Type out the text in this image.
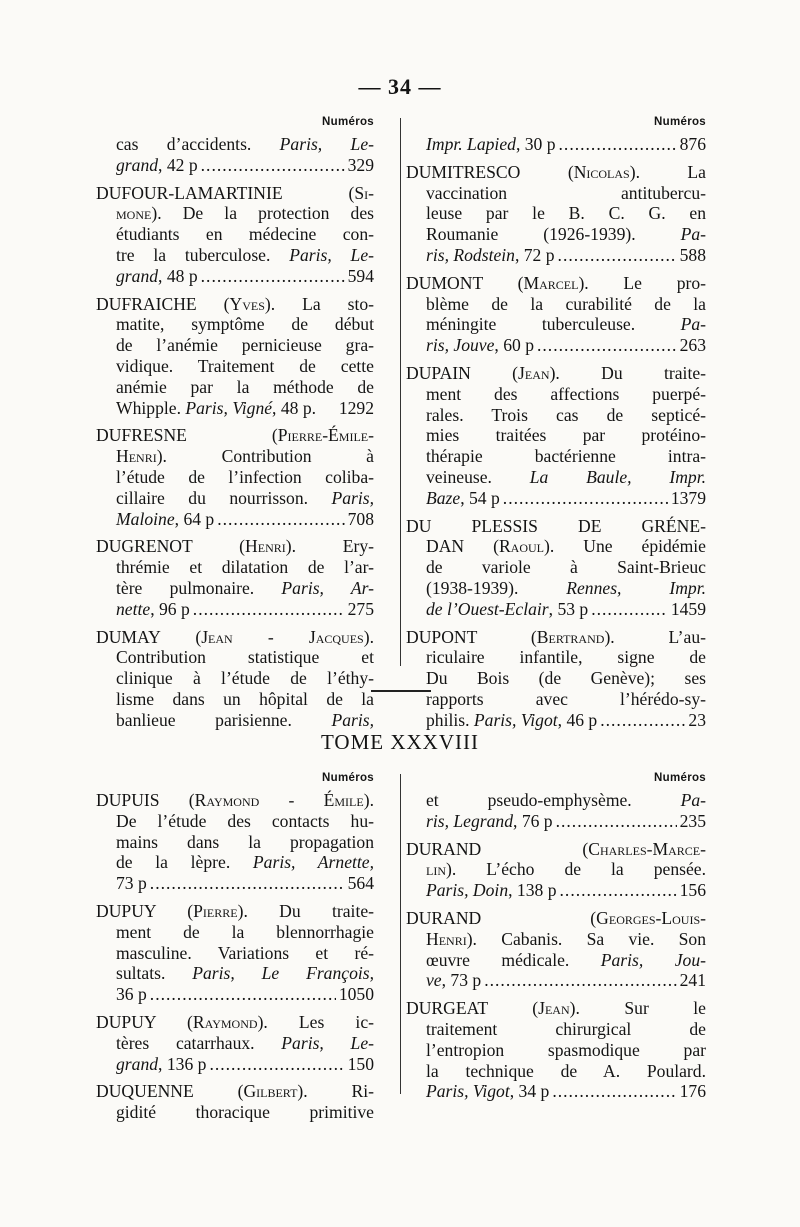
— 34 —
Numéros
cas d’accidents. Paris, Le-
grand, 42 p .....	329
DUFOUR-LAMARTINIE (Si-
mone). De la protection des
étudiants en médecine con-
tre la tuberculose. Paris, Le-
grand, 48 p .....	594
DUFRAICHE (Yves). La sto-
matite, symptôme de début
de l’anémie pernicieuse gra-
vidique. Traitement de cette
anémie par la méthode de
Whipple. Paris, Vigné, 48 p. 1292
DUFRESNE (Pierre-Émile-
Henri). Contribution à
l’étude de l’infection coliba-
cillaire du nourrisson. Paris,
Maloine, 64 p .....	708
DUGRENOT (Henri). Ery-
thrémie et dilatation de l’ar-
tère pulmonaire. Paris, Ar-
nette, 96 p .....	275
DUMAY (Jean - Jacques).
Contribution statistique et
clinique à l’étude de l’éthy-
lisme dans un hôpital de la
banlieue parisienne. Paris,
Numéros
Impr. Lapied, 30 p .....	876
DUMITRESCO (Nicolas). La
vaccination antitubercu-
leuse par le B. C. G. en
Roumanie (1926-1939). Pa-
ris, Rodstein, 72 p .....	588
DUMONT (Marcel). Le pro-
blème de la curabilité de la
méningite tuberculeuse. Pa-
ris, Jouve, 60 p .....	263
DUPAIN (Jean). Du traite-
ment des affections puerpé-
rales. Trois cas de septicé-
mies traitées par protéino-
thérapie bactérienne intra-
veineuse. La Baule, Impr.
Baze, 54 p .....	1379
DU PLESSIS DE GRÉNE-
DAN (Raoul). Une épidémie
de variole à Saint-Brieuc
(1938-1939). Rennes, Impr.
de l’Ouest-Eclair, 53 p .....	1459
DUPONT (Bertrand). L’au-
riculaire infantile, signe de
Du Bois (de Genève); ses
rapports avec l’hérédo-sy-
philis. Paris, Vigot, 46 p .....	23
TOME XXXVIII
Numéros
DUPUIS (Raymond - Émile).
De l’étude des contacts hu-
mains dans la propagation
de la lèpre. Paris, Arnette,
73 p .....	564
DUPUY (Pierre). Du traite-
ment de la blennorrhagie
masculine. Variations et ré-
sultats. Paris, Le François,
36 p .....	1050
DUPUY (Raymond). Les ic-
tères catarrhaux. Paris, Le-
grand, 136 p .....	150
DUQUENNE (Gilbert). Ri-
gidité thoracique primitive
Numéros
et pseudo-emphysème. Pa-
ris, Legrand, 76 p .....	235
DURAND (Charles-Marce-
lin). L’écho de la pensée.
Paris, Doin, 138 p .....	156
DURAND (Georges-Louis-
Henri). Cabanis. Sa vie. Son
œuvre médicale. Paris, Jou-
ve, 73 p .....	241
DURGEAT (Jean). Sur le
traitement chirurgical de
l’entropion spasmodique par
la technique de A. Poulard.
Paris, Vigot, 34 p .....	176
